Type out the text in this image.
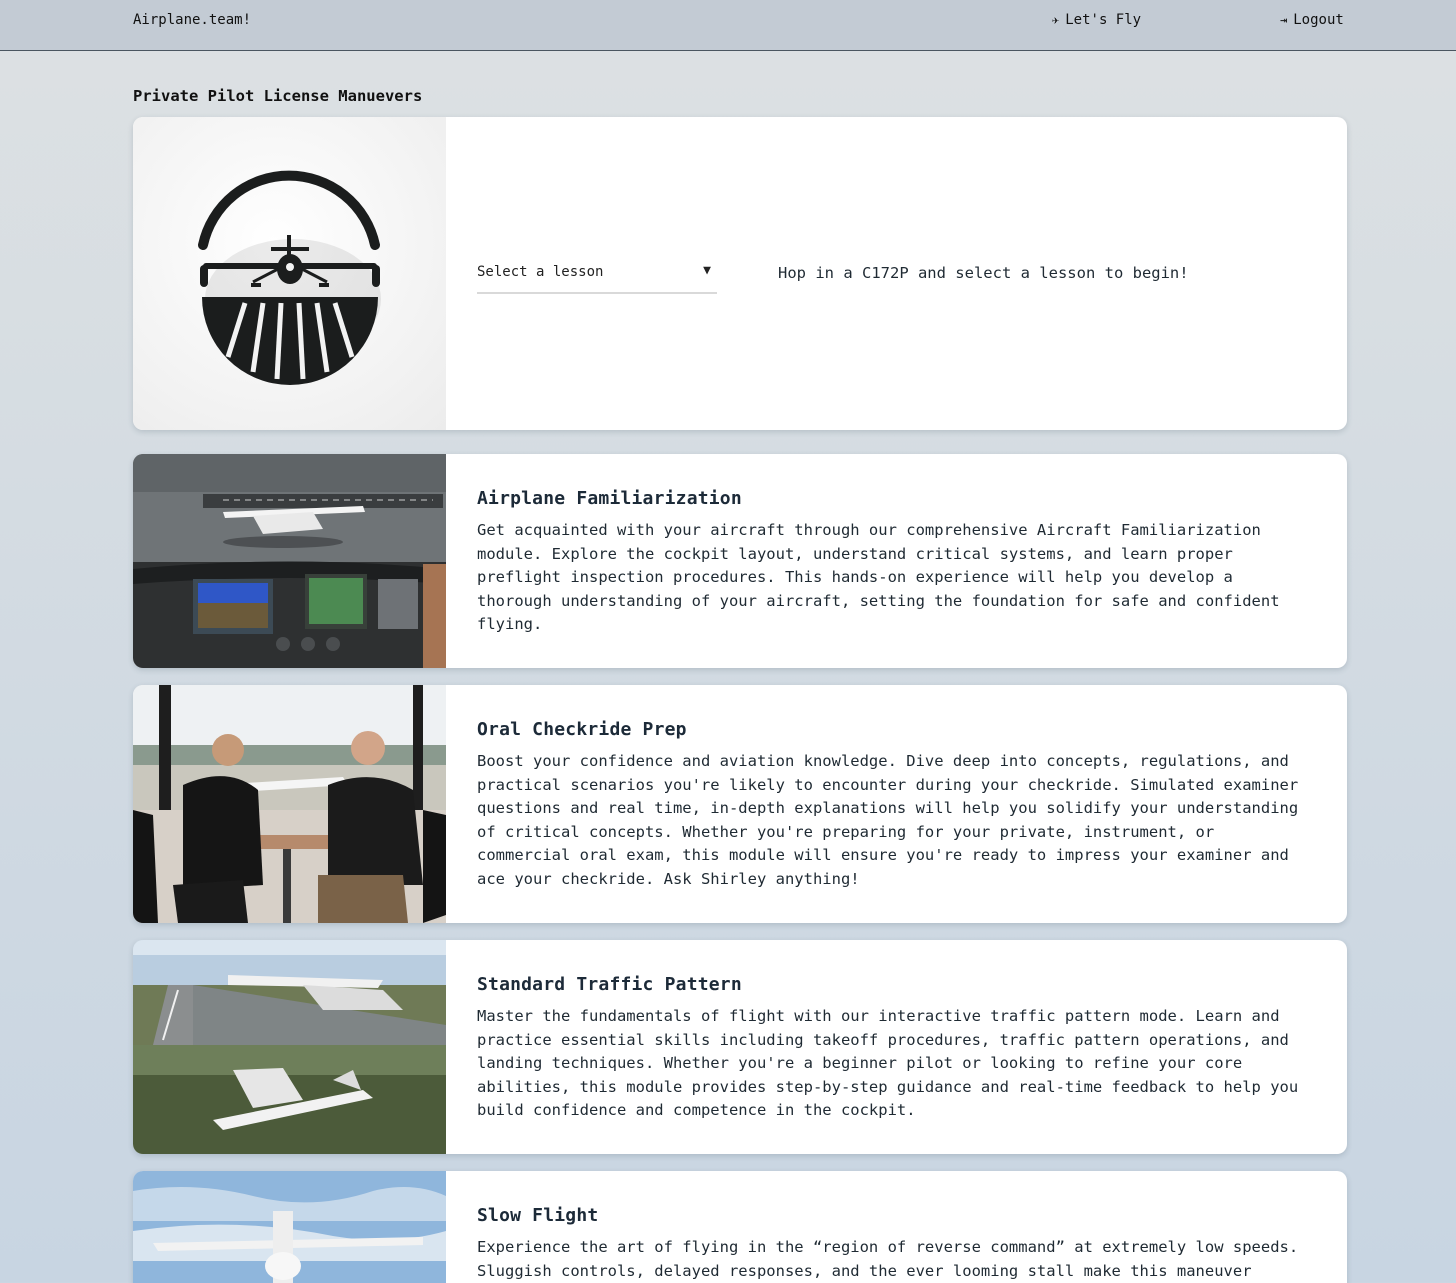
Airplane.team!	✈ Let's Fly	⇥ Logout
Private Pilot License Manuevers
Select a lesson	▼	Hop in a C172P and select a lesson to begin!
Airplane Familiarization
Get acquainted with your aircraft through our comprehensive Aircraft Familiarization module. Explore the cockpit layout, understand critical systems, and learn proper preflight inspection procedures. This hands-on experience will help you develop a thorough understanding of your aircraft, setting the foundation for safe and confident flying.
Oral Checkride Prep
Boost your confidence and aviation knowledge. Dive deep into concepts, regulations, and practical scenarios you're likely to encounter during your checkride. Simulated examiner questions and real time, in-depth explanations will help you solidify your understanding of critical concepts. Whether you're preparing for your private, instrument, or commercial oral exam, this module will ensure you're ready to impress your examiner and ace your checkride. Ask Shirley anything!
Standard Traffic Pattern
Master the fundamentals of flight with our interactive traffic pattern mode. Learn and practice essential skills including takeoff procedures, traffic pattern operations, and landing techniques. Whether you're a beginner pilot or looking to refine your core abilities, this module provides step-by-step guidance and real-time feedback to help you build confidence and competence in the cockpit.
Slow Flight
Experience the art of flying in the “region of reverse command” at extremely low speeds. Sluggish controls, delayed responses, and the ever looming stall make this maneuver
